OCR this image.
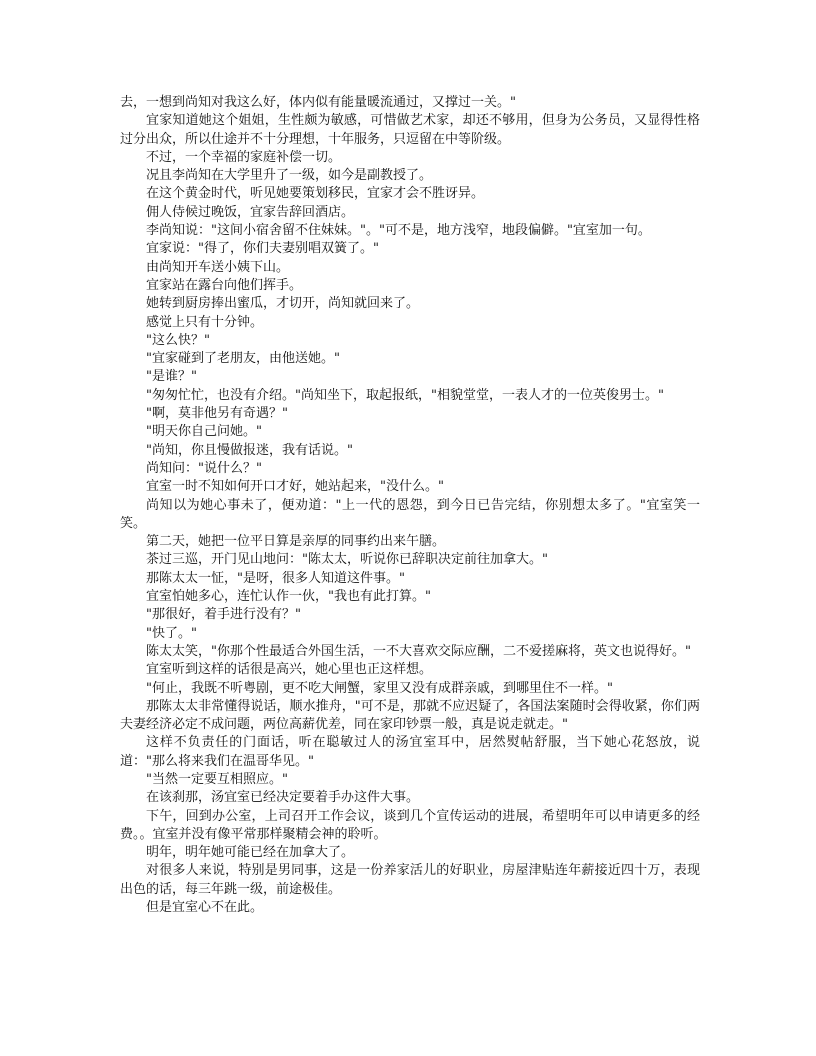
去，一想到尚知对我这么好，体内似有能量暖流通过，又撑过一关。"

宜家知道她这个姐姐，生性颇为敏感，可惜做艺术家，却还不够用，但身为公务员，又显得性格过分出众，所以仕途并不十分理想，十年服务，只逗留在中等阶级。

不过，一个幸福的家庭补偿一切。

况且李尚知在大学里升了一级，如今是副教授了。

在这个黄金时代，听见她要策划移民，宜家才会不胜讶异。

佣人侍候过晚饭，宜家告辞回酒店。

李尚知说："这间小宿舍留不住妹妹。"。"可不是，地方浅窄，地段偏僻。"宜室加一句。

宜家说："得了，你们夫妻别唱双簧了。"

由尚知开车送小姨下山。

宜家站在露台向他们挥手。

她转到厨房捧出蜜瓜，才切开，尚知就回来了。

感觉上只有十分钟。

"这么快？"

"宜家碰到了老朋友，由他送她。"

"是谁？"

"匆匆忙忙，也没有介绍。"尚知坐下，取起报纸，"相貌堂堂，一表人才的一位英俊男士。"

"啊，莫非他另有奇遇？"

"明天你自己问她。"

"尚知，你且慢做报迷，我有话说。"

尚知问："说什么？"

宜室一时不知如何开口才好，她站起来，"没什么。"

尚知以为她心事未了，便劝道："上一代的恩怨，到今日已告完结，你别想太多了。"宜室笑一笑。

第二天，她把一位平日算是亲厚的同事约出来午膳。

茶过三巡，开门见山地问："陈太太，听说你已辞职决定前往加拿大。"

那陈太太一怔，"是呀，很多人知道这件事。"

宜室怕她多心，连忙认作一伙，"我也有此打算。"

"那很好，着手进行没有？"

"快了。"

陈太太笑，"你那个性最适合外国生活，一不大喜欢交际应酬，二不爱搓麻将，英文也说得好。"

宜室听到这样的话很是高兴，她心里也正这样想。

"何止，我既不听粤剧，更不吃大闸蟹，家里又没有成群亲戚，到哪里住不一样。"

那陈太太非常懂得说话，顺水推舟，"可不是，那就不应迟疑了，各国法案随时会得收紧，你们两夫妻经济必定不成问题，两位高薪优差，同在家印钞票一般，真是说走就走。"

这样不负责任的门面话，听在聪敏过人的汤宜室耳中，居然熨帖舒服，当下她心花怒放，说道："那么将来我们在温哥华见。"

"当然一定要互相照应。"

在该刹那，汤宜室已经决定要着手办这件大事。

下午，回到办公室，上司召开工作会议，谈到几个宣传运动的进展，希望明年可以申请更多的经费。。宜室并没有像平常那样聚精会神的聆听。

明年，明年她可能已经在加拿大了。

对很多人来说，特别是男同事，这是一份养家活儿的好职业，房屋津贴连年薪接近四十万，表现出色的话，每三年跳一级，前途极佳。

但是宜室心不在此。
